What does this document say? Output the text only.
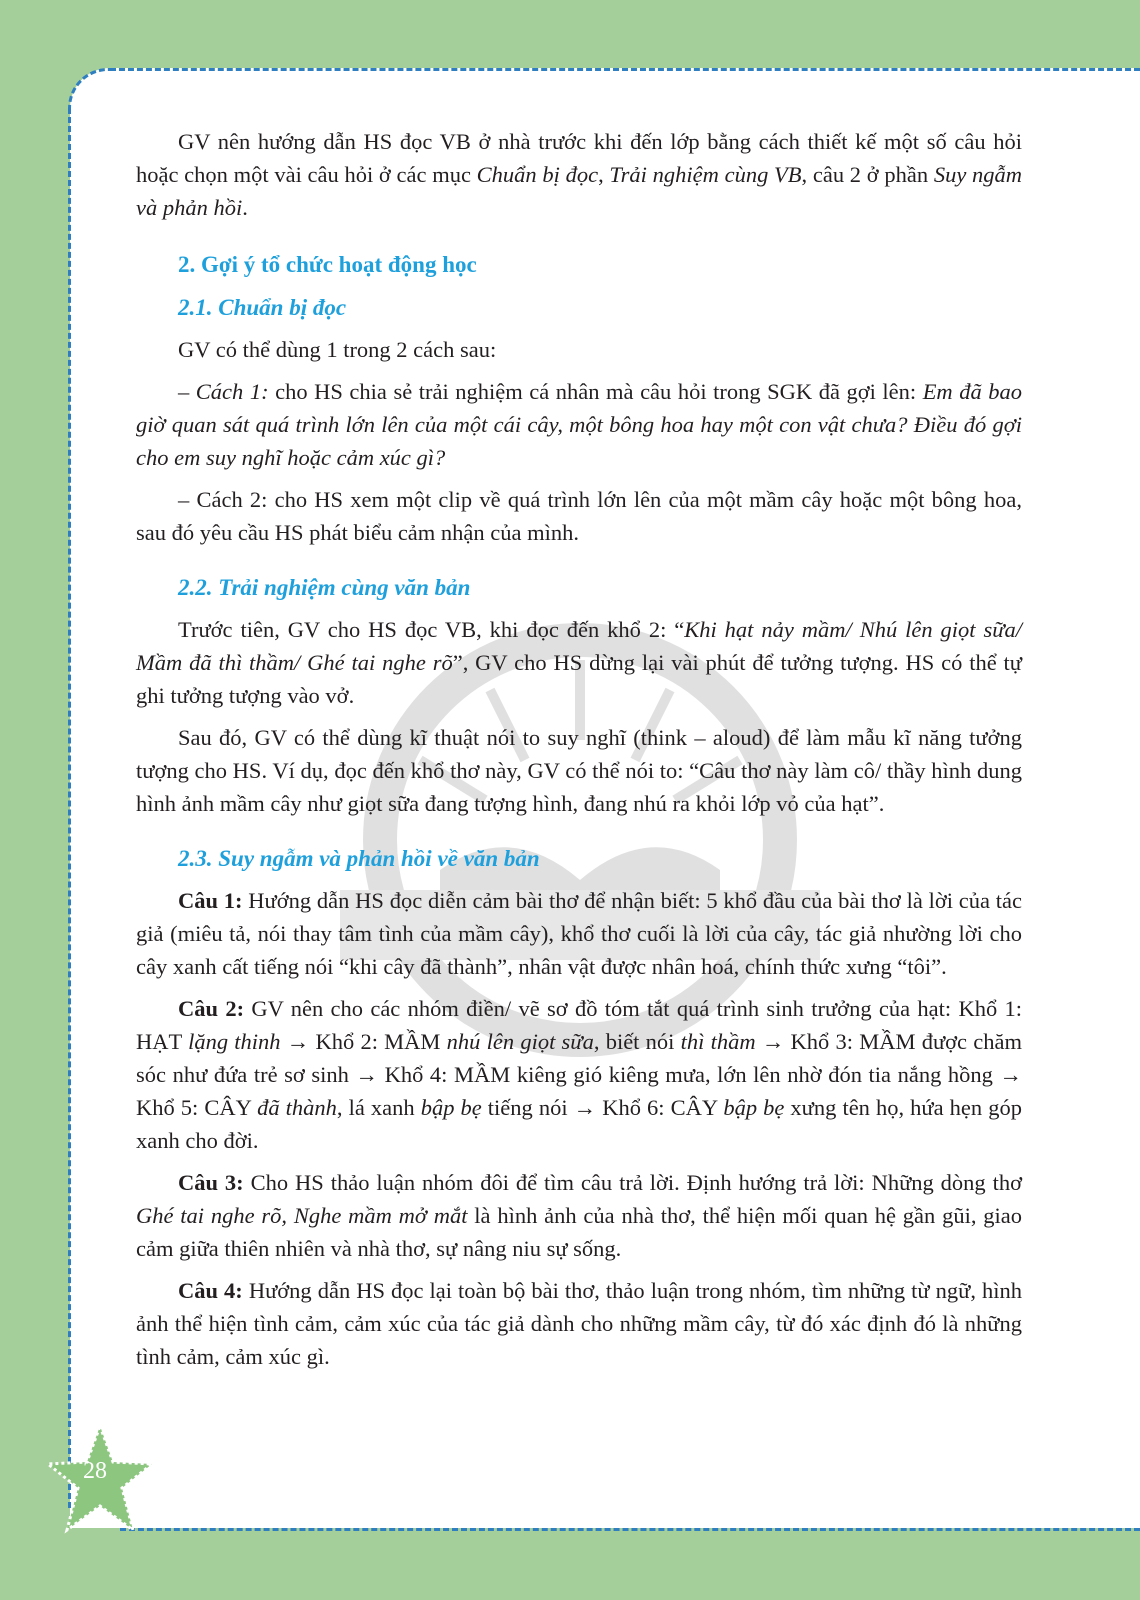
GV nên hướng dẫn HS đọc VB ở nhà trước khi đến lớp bằng cách thiết kế một số câu hỏi hoặc chọn một vài câu hỏi ở các mục Chuẩn bị đọc, Trải nghiệm cùng VB, câu 2 ở phần Suy ngẫm và phản hồi.

2. Gợi ý tổ chức hoạt động học
2.1. Chuẩn bị đọc

GV có thể dùng 1 trong 2 cách sau:

– Cách 1: cho HS chia sẻ trải nghiệm cá nhân mà câu hỏi trong SGK đã gợi lên: Em đã bao giờ quan sát quá trình lớn lên của một cái cây, một bông hoa hay một con vật chưa? Điều đó gợi cho em suy nghĩ hoặc cảm xúc gì?

– Cách 2: cho HS xem một clip về quá trình lớn lên của một mầm cây hoặc một bông hoa, sau đó yêu cầu HS phát biểu cảm nhận của mình.

2.2. Trải nghiệm cùng văn bản

Trước tiên, GV cho HS đọc VB, khi đọc đến khổ 2: “Khi hạt nảy mầm/ Nhú lên giọt sữa/ Mầm đã thì thầm/ Ghé tai nghe rõ”, GV cho HS dừng lại vài phút để tưởng tượng. HS có thể tự ghi tưởng tượng vào vở.

Sau đó, GV có thể dùng kĩ thuật nói to suy nghĩ (think – aloud) để làm mẫu kĩ năng tưởng tượng cho HS. Ví dụ, đọc đến khổ thơ này, GV có thể nói to: “Câu thơ này làm cô/ thầy hình dung hình ảnh mầm cây như giọt sữa đang tượng hình, đang nhú ra khỏi lớp vỏ của hạt”.

2.3. Suy ngẫm và phản hồi về văn bản

Câu 1: Hướng dẫn HS đọc diễn cảm bài thơ để nhận biết: 5 khổ đầu của bài thơ là lời của tác giả (miêu tả, nói thay tâm tình của mầm cây), khổ thơ cuối là lời của cây, tác giả nhường lời cho cây xanh cất tiếng nói “khi cây đã thành”, nhân vật được nhân hoá, chính thức xưng “tôi”.

Câu 2: GV nên cho các nhóm điền/ vẽ sơ đồ tóm tắt quá trình sinh trưởng của hạt: Khổ 1: HẠT lặng thinh → Khổ 2: MẦM nhú lên giọt sữa, biết nói thì thầm → Khổ 3: MẦM được chăm sóc như đứa trẻ sơ sinh → Khổ 4: MẦM kiêng gió kiêng mưa, lớn lên nhờ đón tia nắng hồng → Khổ 5: CÂY đã thành, lá xanh bập bẹ tiếng nói → Khổ 6: CÂY bập bẹ xưng tên họ, hứa hẹn góp xanh cho đời.

Câu 3: Cho HS thảo luận nhóm đôi để tìm câu trả lời. Định hướng trả lời: Những dòng thơ Ghé tai nghe rõ, Nghe mầm mở mắt là hình ảnh của nhà thơ, thể hiện mối quan hệ gần gũi, giao cảm giữa thiên nhiên và nhà thơ, sự nâng niu sự sống.

Câu 4: Hướng dẫn HS đọc lại toàn bộ bài thơ, thảo luận trong nhóm, tìm những từ ngữ, hình ảnh thể hiện tình cảm, cảm xúc của tác giả dành cho những mầm cây, từ đó xác định đó là những tình cảm, cảm xúc gì.

28
